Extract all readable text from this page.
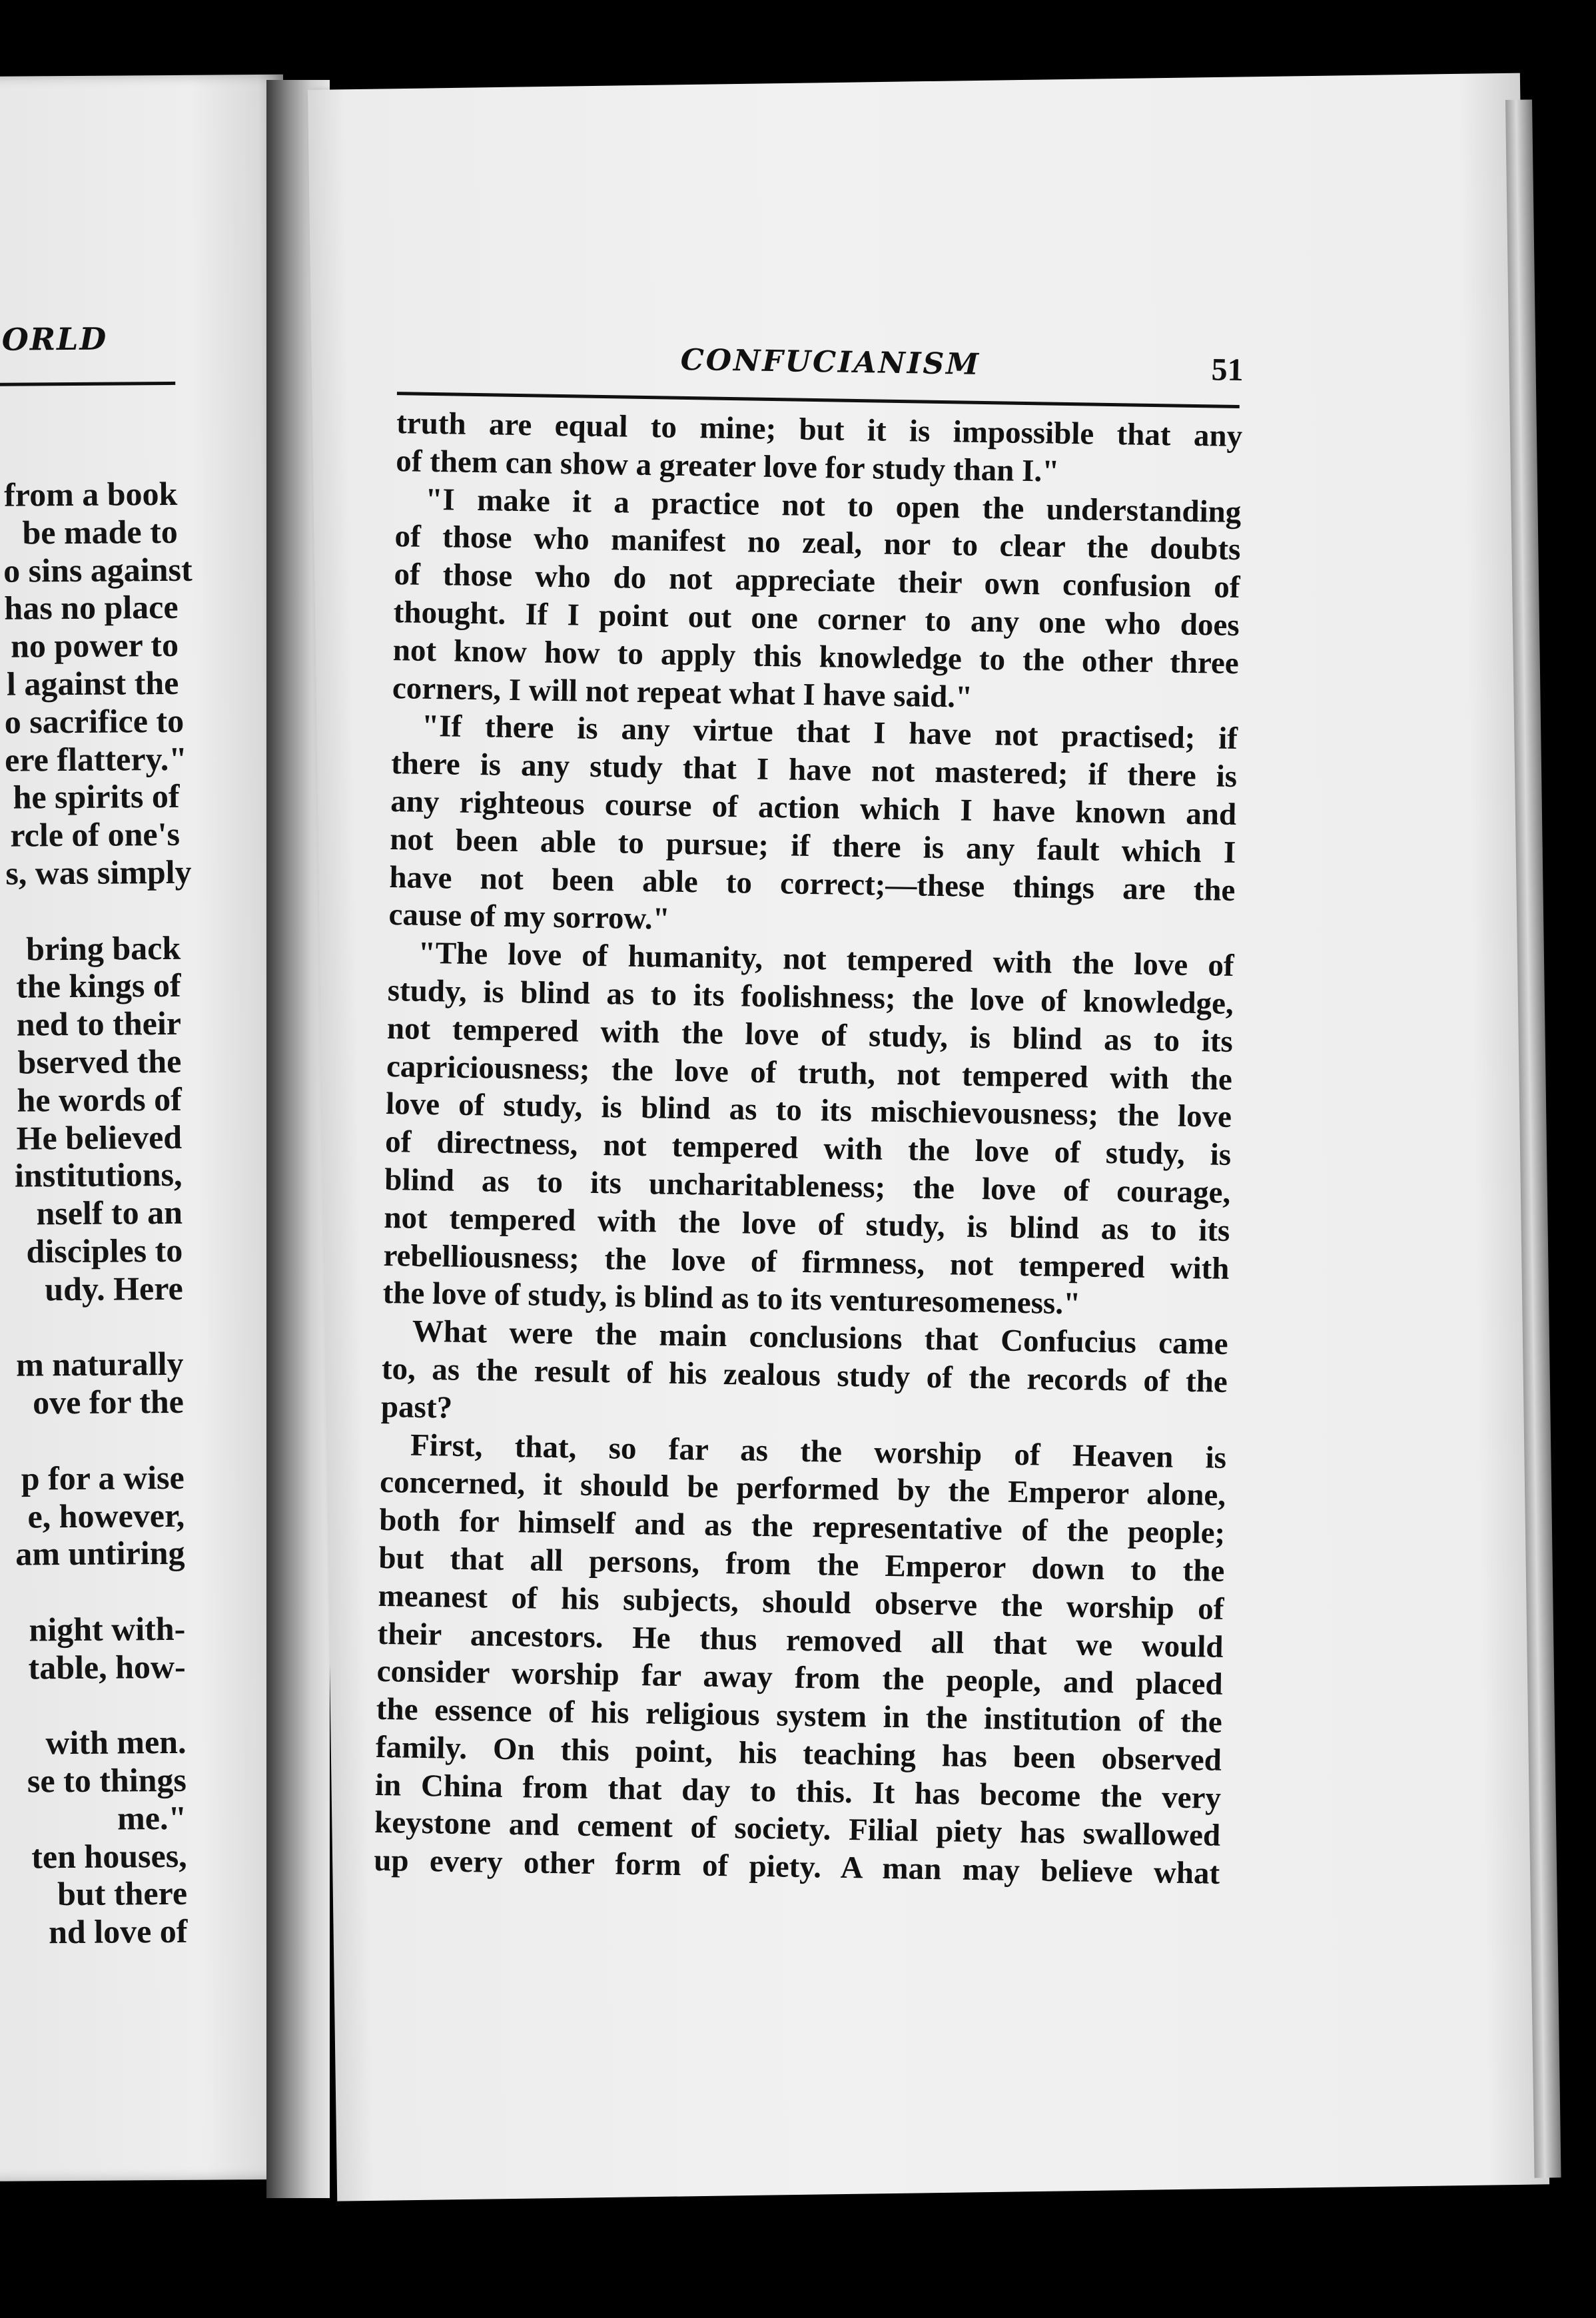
ORLD
from a book
be made to
o sins against
has no place
no power to
l against the
o sacrifice to
ere flattery."
he spirits of
rcle of one's
s, was simply
bring back
the kings of
ned to their
bserved the
he words of
He believed
institutions,
nself to an
disciples to
udy. Here
m naturally
ove for the
p for a wise
e, however,
am untiring
night with-
table, how-
with men.
se to things
me."
ten houses,
but there
nd love of
CONFUCIANISM	51
truth are equal to mine; but it is impossible that any
of them can show a greater love for study than I."
"I make it a practice not to open the understanding
of those who manifest no zeal, nor to clear the doubts
of those who do not appreciate their own confusion of
thought. If I point out one corner to any one who does
not know how to apply this knowledge to the other three
corners, I will not repeat what I have said."
"If there is any virtue that I have not practised; if
there is any study that I have not mastered; if there is
any righteous course of action which I have known and
not been able to pursue; if there is any fault which I
have not been able to correct;—these things are the
cause of my sorrow."
"The love of humanity, not tempered with the love of
study, is blind as to its foolishness; the love of knowledge,
not tempered with the love of study, is blind as to its
capriciousness; the love of truth, not tempered with the
love of study, is blind as to its mischievousness; the love
of directness, not tempered with the love of study, is
blind as to its uncharitableness; the love of courage,
not tempered with the love of study, is blind as to its
rebelliousness; the love of firmness, not tempered with
the love of study, is blind as to its venturesomeness."
What were the main conclusions that Confucius came
to, as the result of his zealous study of the records of the
past?
First, that, so far as the worship of Heaven is
concerned, it should be performed by the Emperor alone,
both for himself and as the representative of the people;
but that all persons, from the Emperor down to the
meanest of his subjects, should observe the worship of
their ancestors. He thus removed all that we would
consider worship far away from the people, and placed
the essence of his religious system in the institution of the
family. On this point, his teaching has been observed
in China from that day to this. It has become the very
keystone and cement of society. Filial piety has swallowed
up every other form of piety. A man may believe what
